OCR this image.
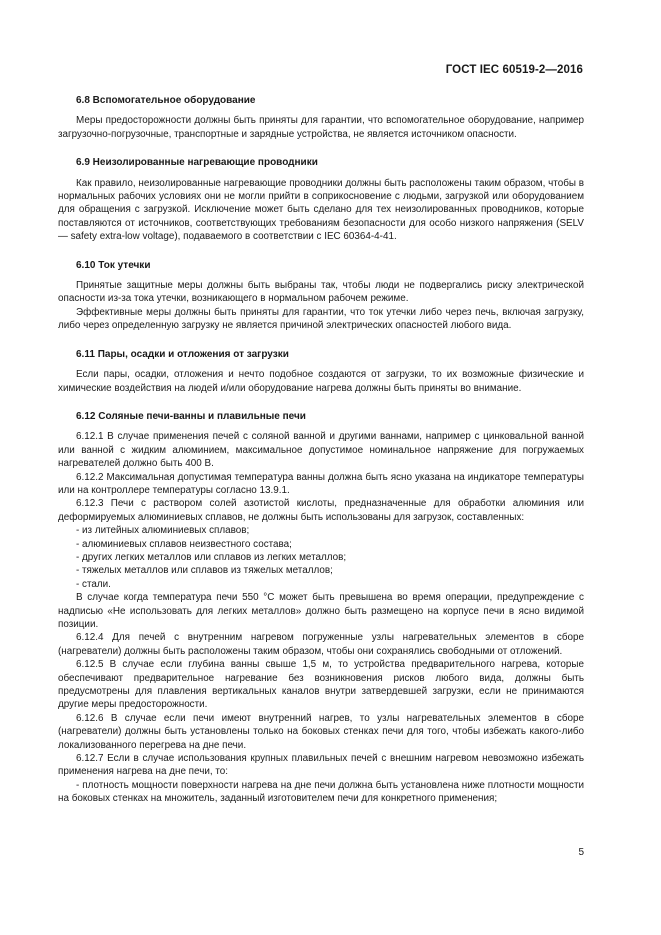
ГОСТ IEC 60519-2—2016
6.8 Вспомогательное оборудование

Меры предосторожности должны быть приняты для гарантии, что вспомогательное оборудование, например загрузочно-погрузочные, транспортные и зарядные устройства, не является источником опасности.

6.9 Неизолированные нагревающие проводники

Как правило, неизолированные нагревающие проводники должны быть расположены таким образом, чтобы в нормальных рабочих условиях они не могли прийти в соприкосновение с людьми, загрузкой или оборудованием для обращения с загрузкой. Исключение может быть сделано для тех неизолированных проводников, которые поставляются от источников, соответствующих требованиям безопасности для особо низкого напряжения (SELV — safety extra-low voltage), подаваемого в соответствии с IEC 60364-4-41.

6.10 Ток утечки

Принятые защитные меры должны быть выбраны так, чтобы люди не подвергались риску электрической опасности из-за тока утечки, возникающего в нормальном рабочем режиме.

Эффективные меры должны быть приняты для гарантии, что ток утечки либо через печь, включая загрузку, либо через определенную загрузку не является причиной электрических опасностей любого вида.

6.11 Пары, осадки и отложения от загрузки

Если пары, осадки, отложения и нечто подобное создаются от загрузки, то их возможные физические и химические воздействия на людей и/или оборудование нагрева должны быть приняты во внимание.

6.12 Соляные печи-ванны и плавильные печи

6.12.1 В случае применения печей с соляной ванной и другими ваннами, например с цинковальной ванной или ванной с жидким алюминием, максимальное допустимое номинальное напряжение для погружаемых нагревателей должно быть 400 В.

6.12.2 Максимальная допустимая температура ванны должна быть ясно указана на индикаторе температуры или на контроллере температуры согласно 13.9.1.

6.12.3 Печи с раствором солей азотистой кислоты, предназначенные для обработки алюминия или деформируемых алюминиевых сплавов, не должны быть использованы для загрузок, составленных:

- из литейных алюминиевых сплавов;

- алюминиевых сплавов неизвестного состава;

- других легких металлов или сплавов из легких металлов;

- тяжелых металлов или сплавов из тяжелых металлов;

- стали.

В случае когда температура печи 550 °С может быть превышена во время операции, предупреждение с надписью «Не использовать для легких металлов» должно быть размещено на корпусе печи в ясно видимой позиции.

6.12.4 Для печей с внутренним нагревом погруженные узлы нагревательных элементов в сборе (нагреватели) должны быть расположены таким образом, чтобы они сохранялись свободными от отложений.

6.12.5 В случае если глубина ванны свыше 1,5 м, то устройства предварительного нагрева, которые обеспечивают предварительное нагревание без возникновения рисков любого вида, должны быть предусмотрены для плавления вертикальных каналов внутри затвердевшей загрузки, если не принимаются другие меры предосторожности.

6.12.6 В случае если печи имеют внутренний нагрев, то узлы нагревательных элементов в сборе (нагреватели) должны быть установлены только на боковых стенках печи для того, чтобы избежать какого-либо локализованного перегрева на дне печи.

6.12.7 Если в случае использования крупных плавильных печей с внешним нагревом невозможно избежать применения нагрева на дне печи, то:

- плотность мощности поверхности нагрева на дне печи должна быть установлена ниже плотности мощности на боковых стенках на множитель, заданный изготовителем печи для конкретного применения;

5
